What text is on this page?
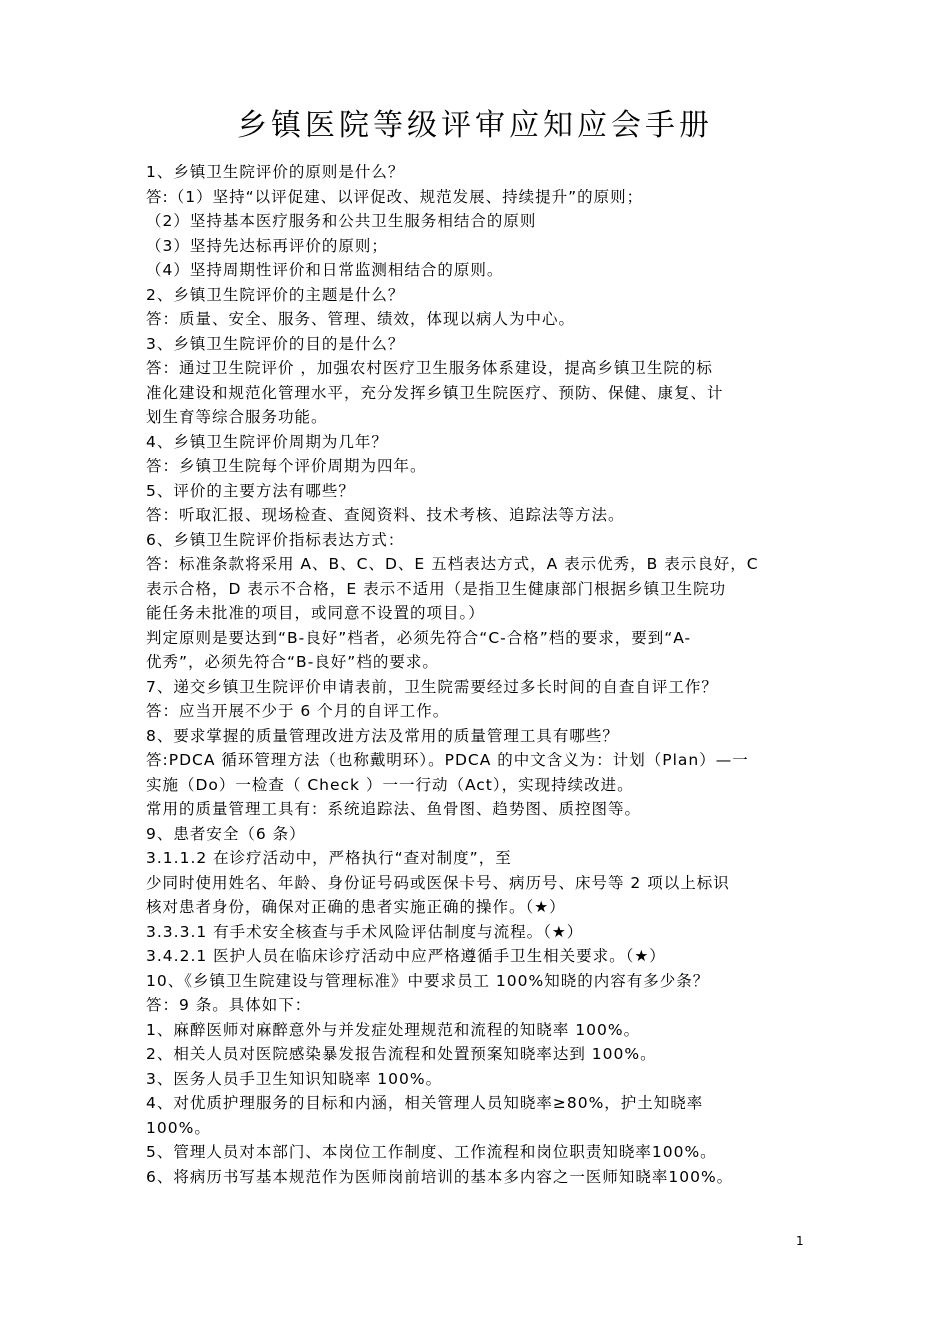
乡镇医院等级评审应知应会手册
1、乡镇卫生院评价的原则是什么？
答:（1）坚持“以评促建、以评促改、规范发展、持续提升”的原则；
（2）坚持基本医疗服务和公共卫生服务相结合的原则
（3）坚持先达标再评价的原则；
（4）坚持周期性评价和日常监测相结合的原则。
2、乡镇卫生院评价的主题是什么？
答：质量、安全、服务、管理、绩效，体现以病人为中心。
3、乡镇卫生院评价的目的是什么？
答：通过卫生院评价 ，加强农村医疗卫生服务体系建设，提高乡镇卫生院的标
准化建设和规范化管理水平，充分发挥乡镇卫生院医疗、预防、保健、康复、计
划生育等综合服务功能。
4、乡镇卫生院评价周期为几年？
答：乡镇卫生院每个评价周期为四年。
5、评价的主要方法有哪些？
答：听取汇报、现场检查、查阅资料、技术考核、追踪法等方法。
6、乡镇卫生院评价指标表达方式：
答：标准条款将采用 A、B、C、D、E 五档表达方式，A 表示优秀，B 表示良好，C
表示合格，D 表示不合格，E 表示不适用（是指卫生健康部门根据乡镇卫生院功
能任务未批准的项目，或同意不设置的项目。）
判定原则是要达到“B-良好”档者，必须先符合“C-合格”档的要求，要到“A-
优秀”，必须先符合“B-良好”档的要求。
7、递交乡镇卫生院评价申请表前，卫生院需要经过多长时间的自查自评工作？
答：应当开展不少于 6 个月的自评工作。
8、要求掌握的质量管理改进方法及常用的质量管理工具有哪些？
答:PDCA 循环管理方法（也称戴明环）。PDCA 的中文含义为：计划（Plan）—一
实施（Do）一检查（ Check ）一一行动（Act），实现持续改进。
常用的质量管理工具有：系统追踪法、鱼骨图、趋势图、质控图等。
9、患者安全（6 条）
3.1.1.2 在诊疗活动中，严格执行“查对制度”，至
少同时使用姓名、年龄、身份证号码或医保卡号、病历号、床号等 2 项以上标识
核对患者身份，确保对正确的患者实施正确的操作。（★）
3.3.3.1 有手术安全核查与手术风险评估制度与流程。（★）
3.4.2.1 医护人员在临床诊疗活动中应严格遵循手卫生相关要求。（★）
10、《乡镇卫生院建设与管理标准》中要求员工 100%知晓的内容有多少条？
答：9 条。具体如下：
1、麻醉医师对麻醉意外与并发症处理规范和流程的知晓率 100%。
2、相关人员对医院感染暴发报告流程和处置预案知晓率达到 100%。
3、医务人员手卫生知识知晓率 100%。
4、对优质护理服务的目标和内涵，相关管理人员知晓率≥80%，护土知晓率
100%。
5、管理人员对本部门、本岗位工作制度、工作流程和岗位职责知晓率100%。
6、将病历书写基本规范作为医师岗前培训的基本多内容之一医师知晓率100%。
1
